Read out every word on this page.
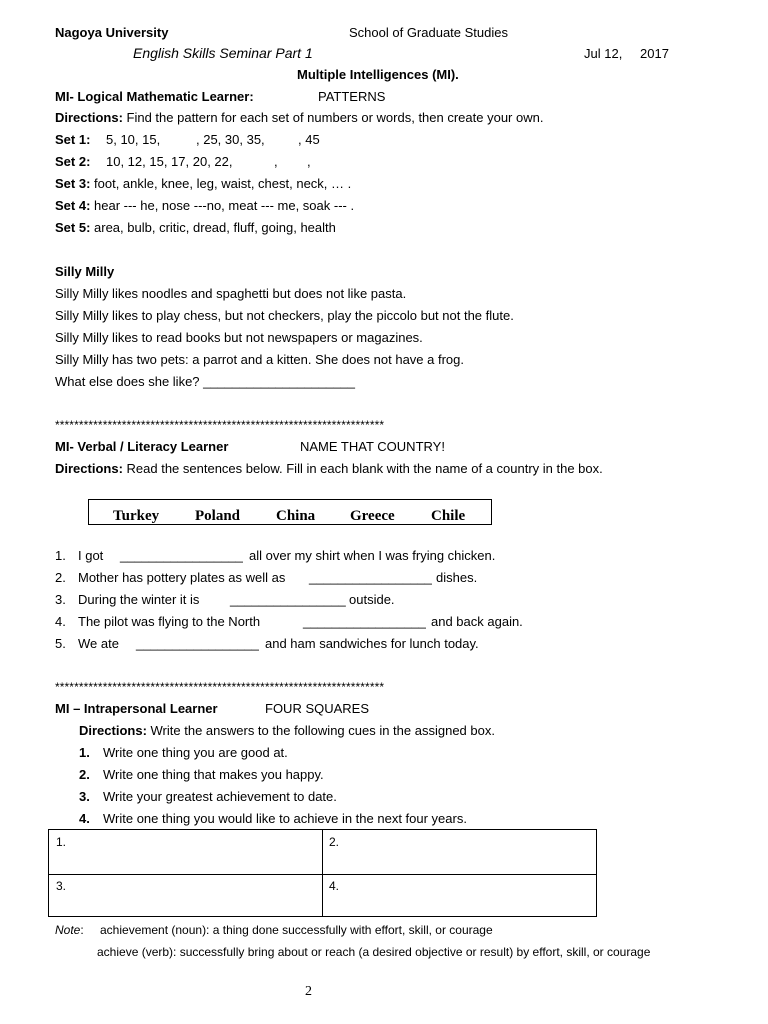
Nagoya University	School of Graduate Studies
English Skills Seminar Part 1	Jul 12, 2017
Multiple Intelligences (MI).
MI- Logical Mathematic Learner:	PATTERNS
Directions: Find the pattern for each set of numbers or words, then create your own.
Set 1: 5, 10, 15,	, 25, 30, 35,	, 45
Set 2: 10, 12, 15, 17, 20, 22,	, ,
Set 3: foot, ankle, knee, leg, waist, chest, neck, … .
Set 4: hear --- he, nose ---no, meat --- me, soak --- .
Set 5: area, bulb, critic, dread, fluff, going, health
Silly Milly
Silly Milly likes noodles and spaghetti but does not like pasta.
Silly Milly likes to play chess, but not checkers, play the piccolo but not the flute.
Silly Milly likes to read books but not newspapers or magazines.
Silly Milly has two pets: a parrot and a kitten. She does not have a frog.
What else does she like? _____________________
*********************************************************************
MI- Verbal / Literacy Learner	NAME THAT COUNTRY!
Directions: Read the sentences below. Fill in each blank with the name of a country in the box.
Turkey Poland China Greece Chile
1. I got _________________ all over my shirt when I was frying chicken.
2. Mother has pottery plates as well as _________________ dishes.
3. During the winter it is ________________ outside.
4. The pilot was flying to the North	_________________ and back again.
5. We ate _________________ and ham sandwiches for lunch today.
*********************************************************************
MI – Intrapersonal Learner	FOUR SQUARES
Directions: Write the answers to the following cues in the assigned box.
1. Write one thing you are good at.
2. Write one thing that makes you happy.
3. Write your greatest achievement to date.
4. Write one thing you would like to achieve in the next four years.
1.	2.
3.	4.
Note: achievement (noun): a thing done successfully with effort, skill, or courage
achieve (verb): successfully bring about or reach (a desired objective or result) by effort, skill, or courage
2
